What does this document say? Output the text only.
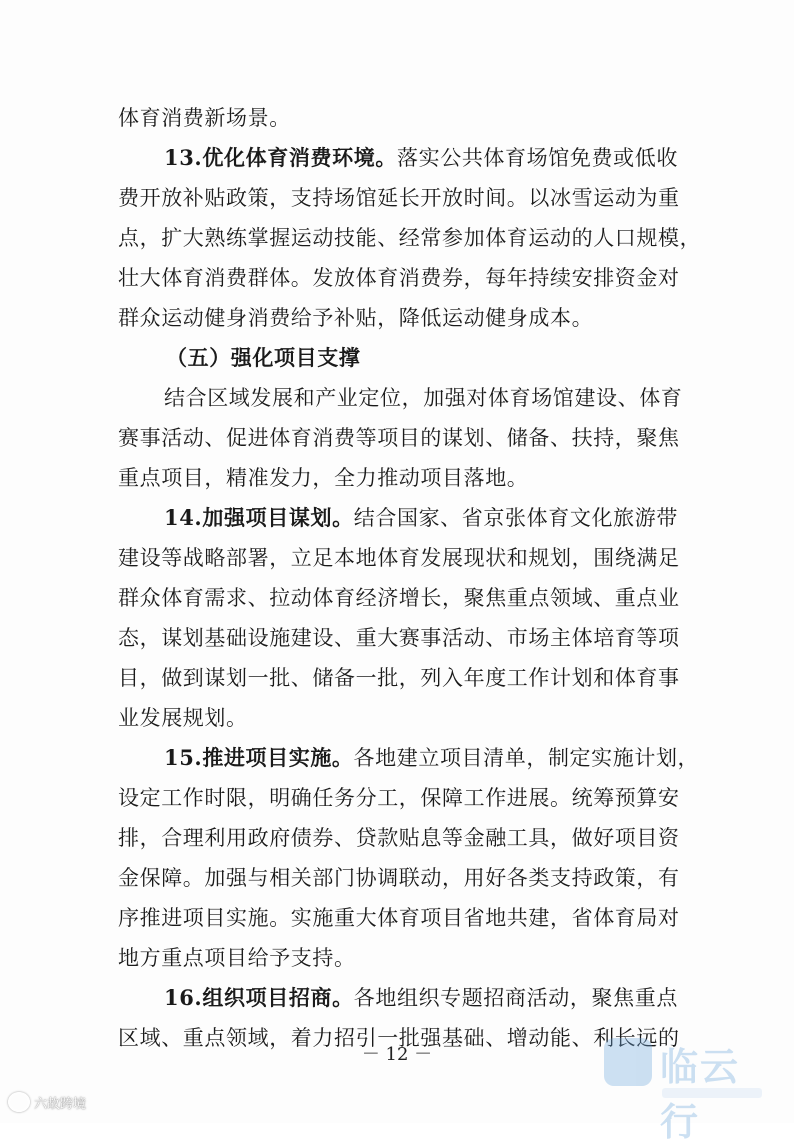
体育消费新场景。
13.优化体育消费环境。落实公共体育场馆免费或低收
费开放补贴政策，支持场馆延长开放时间。以冰雪运动为重
点，扩大熟练掌握运动技能、经常参加体育运动的人口规模，
壮大体育消费群体。发放体育消费券，每年持续安排资金对
群众运动健身消费给予补贴，降低运动健身成本。
（五）强化项目支撑
结合区域发展和产业定位，加强对体育场馆建设、体育
赛事活动、促进体育消费等项目的谋划、储备、扶持，聚焦
重点项目，精准发力，全力推动项目落地。
14.加强项目谋划。结合国家、省京张体育文化旅游带
建设等战略部署，立足本地体育发展现状和规划，围绕满足
群众体育需求、拉动体育经济增长，聚焦重点领域、重点业
态，谋划基础设施建设、重大赛事活动、市场主体培育等项
目，做到谋划一批、储备一批，列入年度工作计划和体育事
业发展规划。
15.推进项目实施。各地建立项目清单，制定实施计划，
设定工作时限，明确任务分工，保障工作进展。统筹预算安
排，合理利用政府债券、贷款贴息等金融工具，做好项目资
金保障。加强与相关部门协调联动，用好各类支持政策，有
序推进项目实施。实施重大体育项目省地共建，省体育局对
地方重点项目给予支持。
16.组织项目招商。各地组织专题招商活动，聚焦重点
区域、重点领域，着力招引一批强基础、增动能、利长远的
－ 12 －	临云行
六故跨境
